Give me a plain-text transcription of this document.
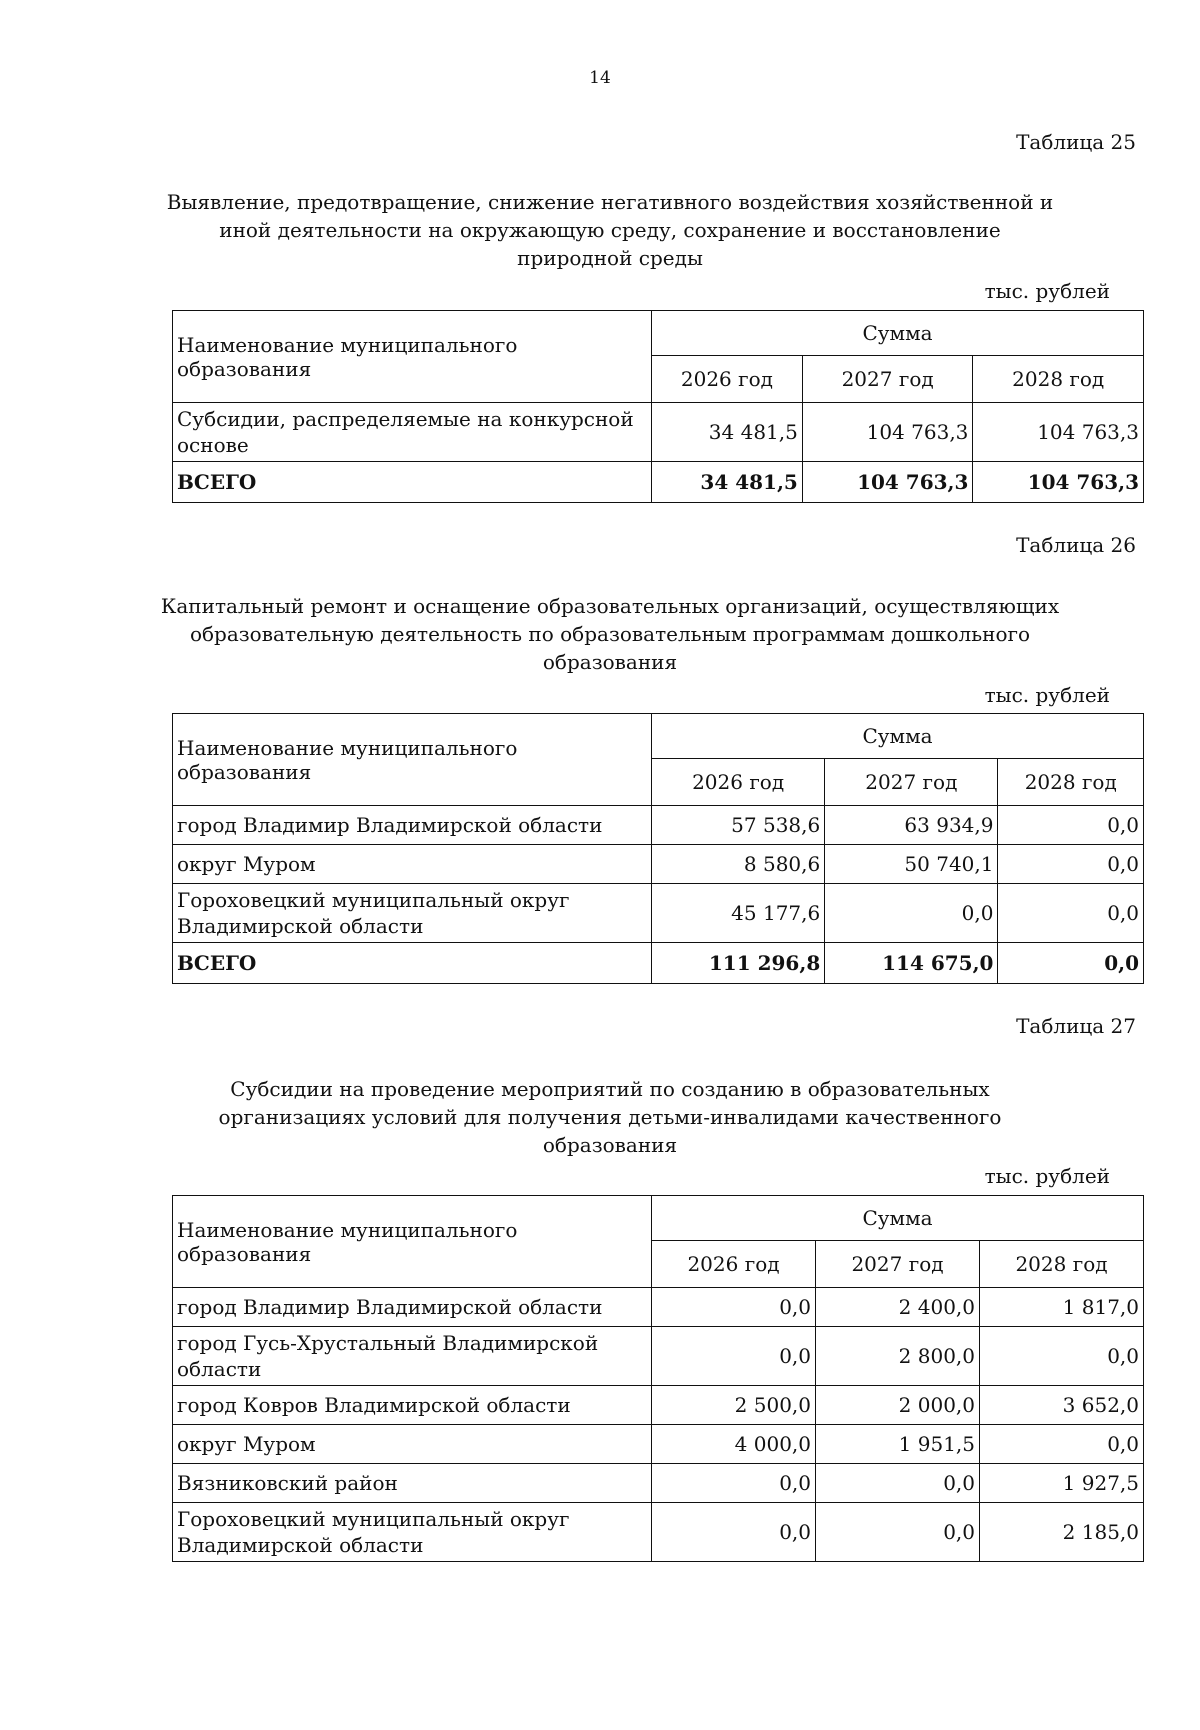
14
Таблица 25
Выявление, предотвращение, снижение негативного воздействия хозяйственной и иной деятельности на окружающую среду, сохранение и восстановление природной среды
тыс. рублей
Наименование муниципального образования	Сумма		
	2026 год	2027 год	2028 год
Субсидии, распределяемые на конкурсной основе	34 481,5	104 763,3	104 763,3
ВСЕГО	34 481,5	104 763,3	104 763,3
Таблица 26
Капитальный ремонт и оснащение образовательных организаций, осуществляющих образовательную деятельность по образовательным программам дошкольного образования
тыс. рублей
Наименование муниципального образования	Сумма		
	2026 год	2027 год	2028 год
город Владимир Владимирской области	57 538,6	63 934,9	0,0
округ Муром	8 580,6	50 740,1	0,0
Гороховецкий муниципальный округ Владимирской области	45 177,6	0,0	0,0
ВСЕГО	111 296,8	114 675,0	0,0
Таблица 27
Субсидии на проведение мероприятий по созданию в образовательных организациях условий для получения детьми-инвалидами качественного образования
тыс. рублей
Наименование муниципального образования	Сумма		
	2026 год	2027 год	2028 год
город Владимир Владимирской области	0,0	2 400,0	1 817,0
город Гусь-Хрустальный Владимирской области	0,0	2 800,0	0,0
город Ковров Владимирской области	2 500,0	2 000,0	3 652,0
округ Муром	4 000,0	1 951,5	0,0
Вязниковский район	0,0	0,0	1 927,5
Гороховецкий муниципальный округ Владимирской области	0,0	0,0	2 185,0
